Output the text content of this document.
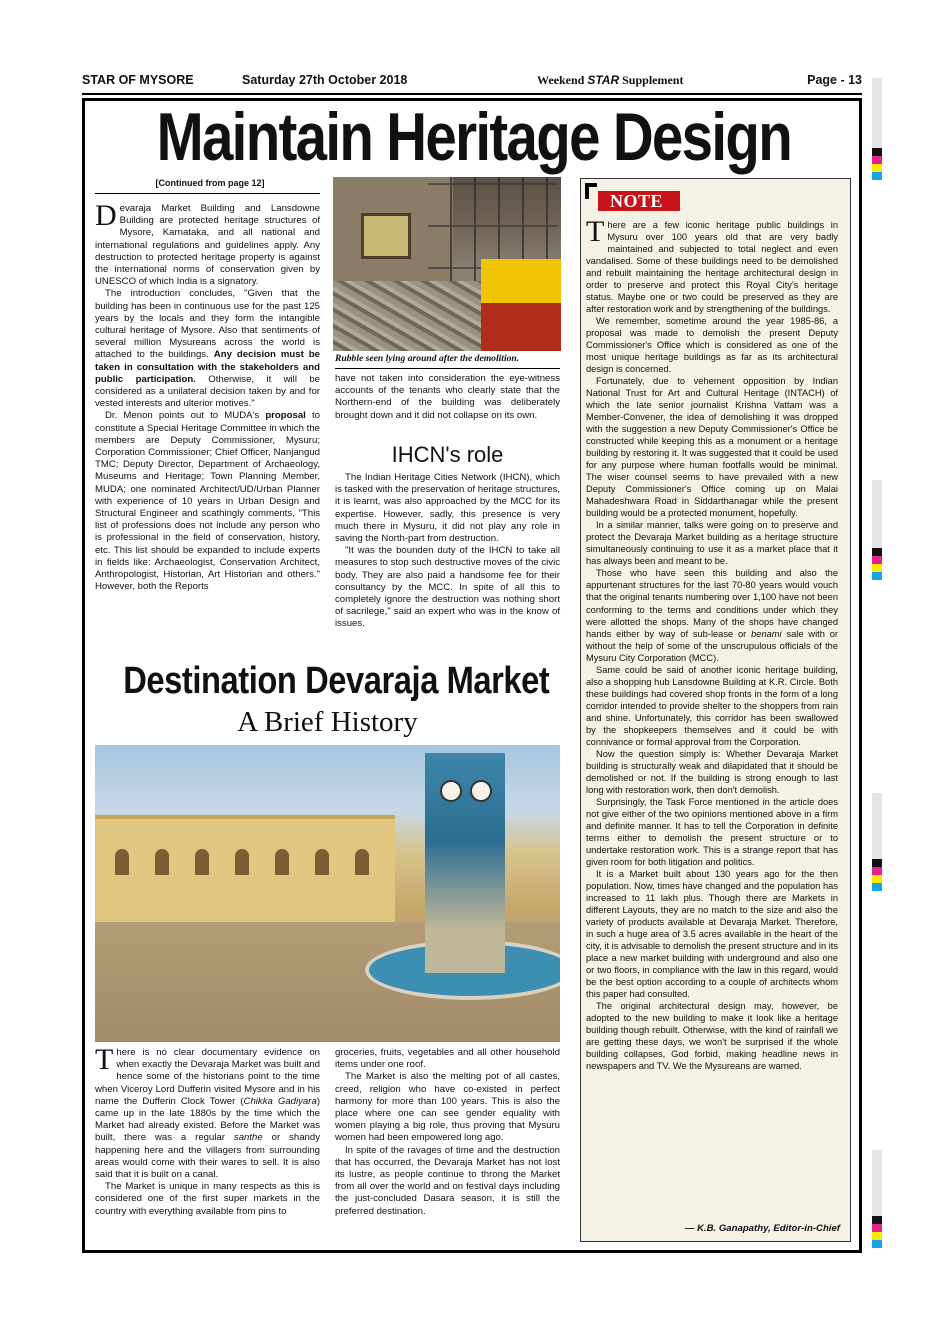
STAR OF MYSORE	Saturday 27th October 2018	Weekend STAR Supplement	Page - 13
Maintain Heritage Design
[Continued from page 12]

Devaraja Market Building and Lansdowne Building are protected heritage structures of Mysore, Karnataka, and all national and international regulations and guidelines apply. Any destruction to protected heritage property is against the international norms of conservation given by UNESCO of which India is a signatory.

The introduction concludes, "Given that the building has been in continuous use for the past 125 years by the locals and they form the intangible cultural heritage of Mysore. Also that sentiments of several million Mysureans across the world is attached to the buildings. Any decision must be taken in consultation with the stakeholders and public participation. Otherwise, it will be considered as a unilateral decision taken by and for vested interests and ulterior motives."

Dr. Menon points out to MUDA's proposal to constitute a Special Heritage Committee in which the members are Deputy Commissioner, Mysuru; Corporation Commissioner; Chief Officer, Nanjangud TMC; Deputy Director, Department of Archaeology, Museums and Heritage; Town Planning Member, MUDA; one nominated Architect/UD/Urban Planner with experience of 10 years in Urban Design and Structural Engineer and scathingly comments, "This list of professions does not include any person who is professional in the field of conservation, history, etc. This list should be expanded to include experts in fields like: Archaeologist, Conservation Architect, Anthropologist, Historian, Art Historian and others." However, both the Reports

Rubble seen lying around after the demolition.

have not taken into consideration the eye-witness accounts of the tenants who clearly state that the Northern-end of the building was deliberately brought down and it did not collapse on its own.

IHCN's role

The Indian Heritage Cities Network (IHCN), which is tasked with the preservation of heritage structures, it is learnt, was also approached by the MCC for its expertise. However, sadly, this presence is very much there in Mysuru, it did not play any role in saving the North-part from destruction.

"It was the bounden duty of the IHCN to take all measures to stop such destructive moves of the civic body. They are also paid a handsome fee for their consultancy by the MCC. In spite of all this to completely ignore the destruction was nothing short of sacrilege," said an expert who was in the know of issues.

Destination Devaraja Market
A Brief History

There is no clear documentary evidence on when exactly the Devaraja Market was built and hence some of the historians point to the time when Viceroy Lord Dufferin visited Mysore and in his name the Dufferin Clock Tower (Chikka Gadiyara) came up in the late 1880s by the time which the Market had already existed. Before the Market was built, there was a regular santhe or shandy happening here and the villagers from surrounding areas would come with their wares to sell. It is also said that it is built on a canal.

The Market is unique in many respects as this is considered one of the first super markets in the country with everything available from pins to

groceries, fruits, vegetables and all other household items under one roof.

The Market is also the melting pot of all castes, creed, religion who have co-existed in perfect harmony for more than 100 years. This is also the place where one can see gender equality with women playing a big role, thus proving that Mysuru women had been empowered long ago.

In spite of the ravages of time and the destruction that has occurred, the Devaraja Market has not lost its lustre, as people continue to throng the Market from all over the world and on festival days including the just-concluded Dasara season, it is still the preferred destination.

NOTE

There are a few iconic heritage public buildings in Mysuru over 100 years old that are very badly maintained and subjected to total neglect and even vandalised. Some of these buildings need to be demolished and rebuilt maintaining the heritage architectural design in order to preserve and protect this Royal City's heritage status. Maybe one or two could be preserved as they are after restoration work and by strengthening of the buildings.

We remember, sometime around the year 1985-86, a proposal was made to demolish the present Deputy Commissioner's Office which is considered as one of the most unique heritage buildings as far as its architectural design is concerned.

Fortunately, due to vehement opposition by Indian National Trust for Art and Cultural Heritage (INTACH) of which the late senior journalist Krishna Vattam was a Member-Convener, the idea of demolishing it was dropped with the suggestion a new Deputy Commissioner's Office be constructed while keeping this as a monument or a heritage building by restoring it. It was suggested that it could be used for any purpose where human footfalls would be minimal. The wiser counsel seems to have prevailed with a new Deputy Commissioner's Office coming up on Malai Mahadeshwara Road in Siddarthanagar while the present building would be a protected monument, hopefully.

In a similar manner, talks were going on to preserve and protect the Devaraja Market building as a heritage structure simultaneously continuing to use it as a market place that it has always been and meant to be.

Those who have seen this building and also the appurtenant structures for the last 70-80 years would vouch that the original tenants numbering over 1,100 have not been conforming to the terms and conditions under which they were allotted the shops. Many of the shops have changed hands either by way of sub-lease or benami sale with or without the help of some of the unscrupulous officials of the Mysuru City Corporation (MCC).

Same could be said of another iconic heritage building, also a shopping hub Lansdowne Building at K.R. Circle. Both these buildings had covered shop fronts in the form of a long corridor intended to provide shelter to the shoppers from rain and shine. Unfortunately, this corridor has been swallowed by the shopkeepers themselves and it could be with connivance or formal approval from the Corporation.

Now the question simply is: Whether Devaraja Market building is structurally weak and dilapidated that it should be demolished or not. If the building is strong enough to last long with restoration work, then don't demolish.

Surprisingly, the Task Force mentioned in the article does not give either of the two opinions mentioned above in a firm and definite manner. It has to tell the Corporation in definite terms either to demolish the present structure or to undertake restoration work. This is a strange report that has given room for both litigation and politics.

It is a Market built about 130 years ago for the then population. Now, times have changed and the population has increased to 11 lakh plus. Though there are Markets in different Layouts, they are no match to the size and also the variety of products available at Devaraja Market. Therefore, in such a huge area of 3.5 acres available in the heart of the city, it is advisable to demolish the present structure and in its place a new market building with underground and also one or two floors, in compliance with the law in this regard, would be the best option according to a couple of architects whom this paper had consulted.

The original architectural design may, however, be adopted to the new building to make it look like a heritage building though rebuilt. Otherwise, with the kind of rainfall we are getting these days, we won't be surprised if the whole building collapses, God forbid, making headline news in newspapers and TV. We the Mysureans are warned.

— K.B. Ganapathy, Editor-in-Chief
